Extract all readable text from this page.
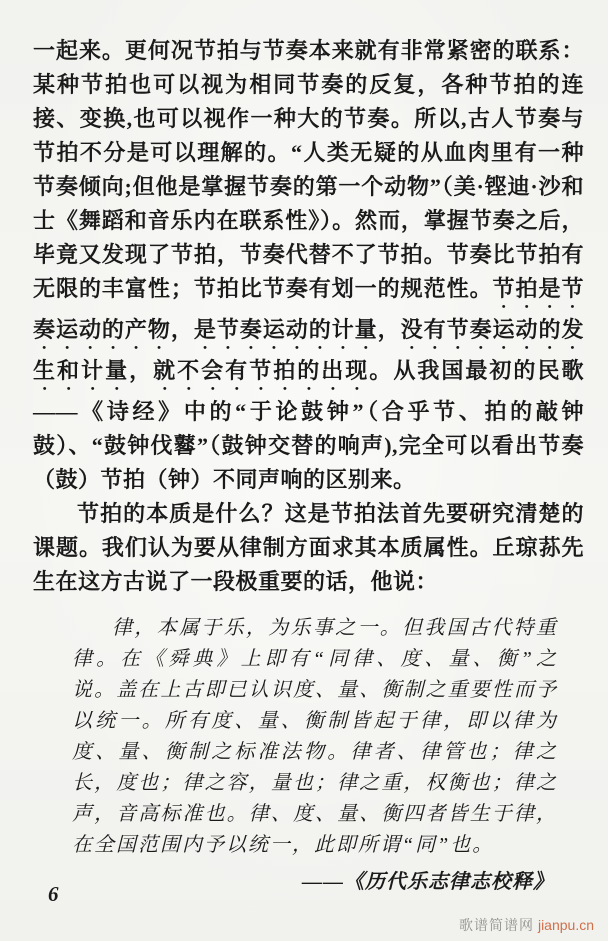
一起来。更何况节拍与节奏本来就有非常紧密的联系：某种节拍也可以视为相同节奏的反复，各种节拍的连接、变换,也可以视作一种大的节奏。所以,古人节奏与节拍不分是可以理解的。“人类无疑的从血肉里有一种节奏倾向;但他是掌握节奏的第一个动物”（美·铿迪·沙和士《舞蹈和音乐内在联系性》）。然而，掌握节奏之后，毕竟又发现了节拍，节奏代替不了节拍。节奏比节拍有无限的丰富性；节拍比节奏有划一的规范性。节拍是节奏运动的产物，是节奏运动的计量，没有节奏运动的发生和计量，就不会有节拍的出现。从我国最初的民歌——《诗经》中的“于论鼓钟”（合乎节、拍的敲钟鼓）、“鼓钟伐鼛”（鼓钟交替的响声),完全可以看出节奏（鼓）节拍（钟）不同声响的区别来。

节拍的本质是什么？这是节拍法首先要研究清楚的课题。我们认为要从律制方面求其本质属性。丘琼荪先生在这方古说了一段极重要的话，他说：

律，本属于乐，为乐事之一。但我国古代特重律。在《舜典》上即有“同律、度、量、衡”之说。盖在上古即已认识度、量、衡制之重要性而予以统一。所有度、量、衡制皆起于律，即以律为度、量、衡制之标准法物。律者、律管也；律之长，度也；律之容，量也；律之重，权衡也；律之声，音高标准也。律、度、量、衡四者皆生于律，在全国范围内予以统一，此即所谓“同”也。

——《历代乐志律志校释》

6
歌谱简谱网 jianpu.cn
